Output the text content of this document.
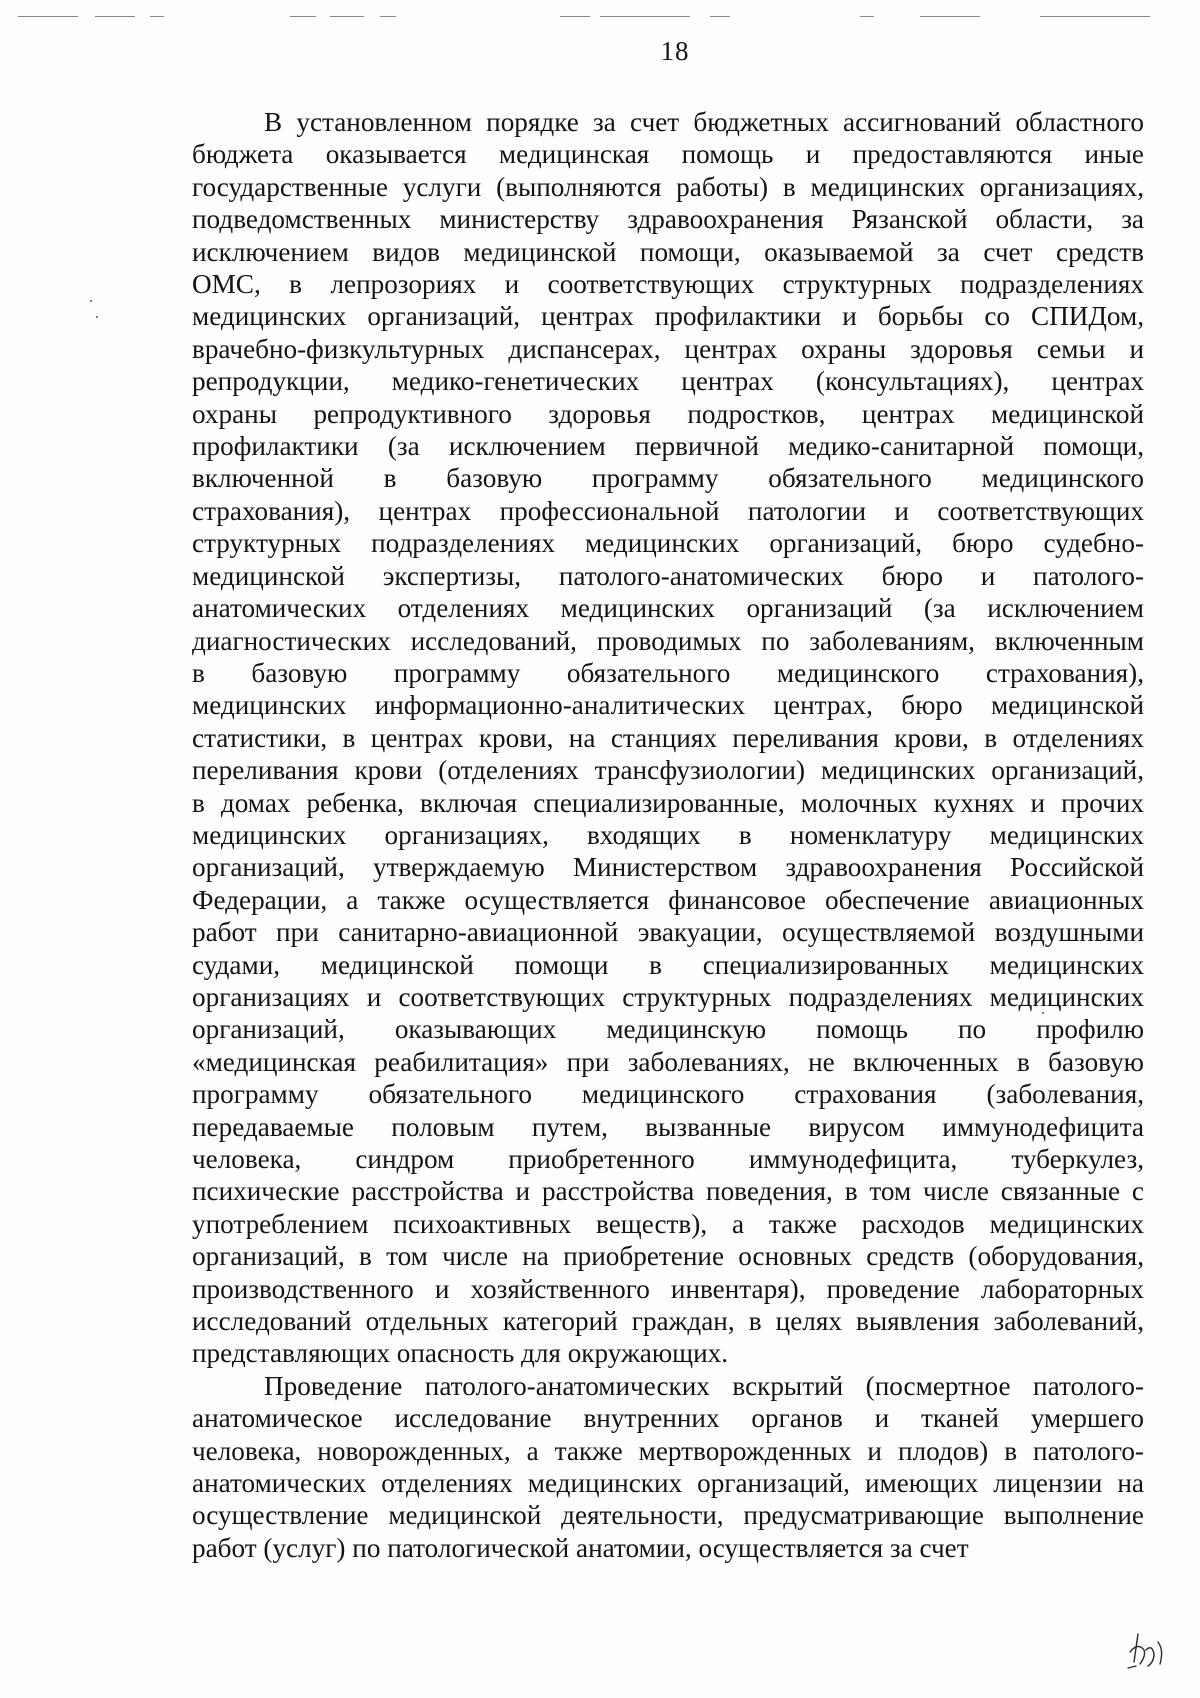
18

В установленном порядке за счет бюджетных ассигнований областного
бюджета оказывается медицинская помощь и предоставляются иные
государственные услуги (выполняются работы) в медицинских организациях,
подведомственных министерству здравоохранения Рязанской области, за
исключением видов медицинской помощи, оказываемой за счет средств
ОМС, в лепрозориях и соответствующих структурных подразделениях
медицинских организаций, центрах профилактики и борьбы со СПИДом,
врачебно-физкультурных диспансерах, центрах охраны здоровья семьи и
репродукции, медико-генетических центрах (консультациях), центрах
охраны репродуктивного здоровья подростков, центрах медицинской
профилактики (за исключением первичной медико-санитарной помощи,
включенной в базовую программу обязательного медицинского
страхования), центрах профессиональной патологии и соответствующих
структурных подразделениях медицинских организаций, бюро судебно-
медицинской экспертизы, патолого-анатомических бюро и патолого-
анатомических отделениях медицинских организаций (за исключением
диагностических исследований, проводимых по заболеваниям, включенным
в базовую программу обязательного медицинского страхования),
медицинских информационно-аналитических центрах, бюро медицинской
статистики, в центрах крови, на станциях переливания крови, в отделениях
переливания крови (отделениях трансфузиологии) медицинских организаций,
в домах ребенка, включая специализированные, молочных кухнях и прочих
медицинских организациях, входящих в номенклатуру медицинских
организаций, утверждаемую Министерством здравоохранения Российской
Федерации, а также осуществляется финансовое обеспечение авиационных
работ при санитарно-авиационной эвакуации, осуществляемой воздушными
судами, медицинской помощи в специализированных медицинских
организациях и соответствующих структурных подразделениях медицинских
организаций, оказывающих медицинскую помощь по профилю
«медицинская реабилитация» при заболеваниях, не включенных в базовую
программу обязательного медицинского страхования (заболевания,
передаваемые половым путем, вызванные вирусом иммунодефицита
человека, синдром приобретенного иммунодефицита, туберкулез,
психические расстройства и расстройства поведения, в том числе связанные с
употреблением психоактивных веществ), а также расходов медицинских
организаций, в том числе на приобретение основных средств (оборудования,
производственного и хозяйственного инвентаря), проведение лабораторных
исследований отдельных категорий граждан, в целях выявления заболеваний,
представляющих опасность для окружающих.

Проведение патолого-анатомических вскрытий (посмертное патолого-
анатомическое исследование внутренних органов и тканей умершего
человека, новорожденных, а также мертворожденных и плодов) в патолого-
анатомических отделениях медицинских организаций, имеющих лицензии на
осуществление медицинской деятельности, предусматривающие выполнение
работ (услуг) по патологической анатомии, осуществляется за счет
